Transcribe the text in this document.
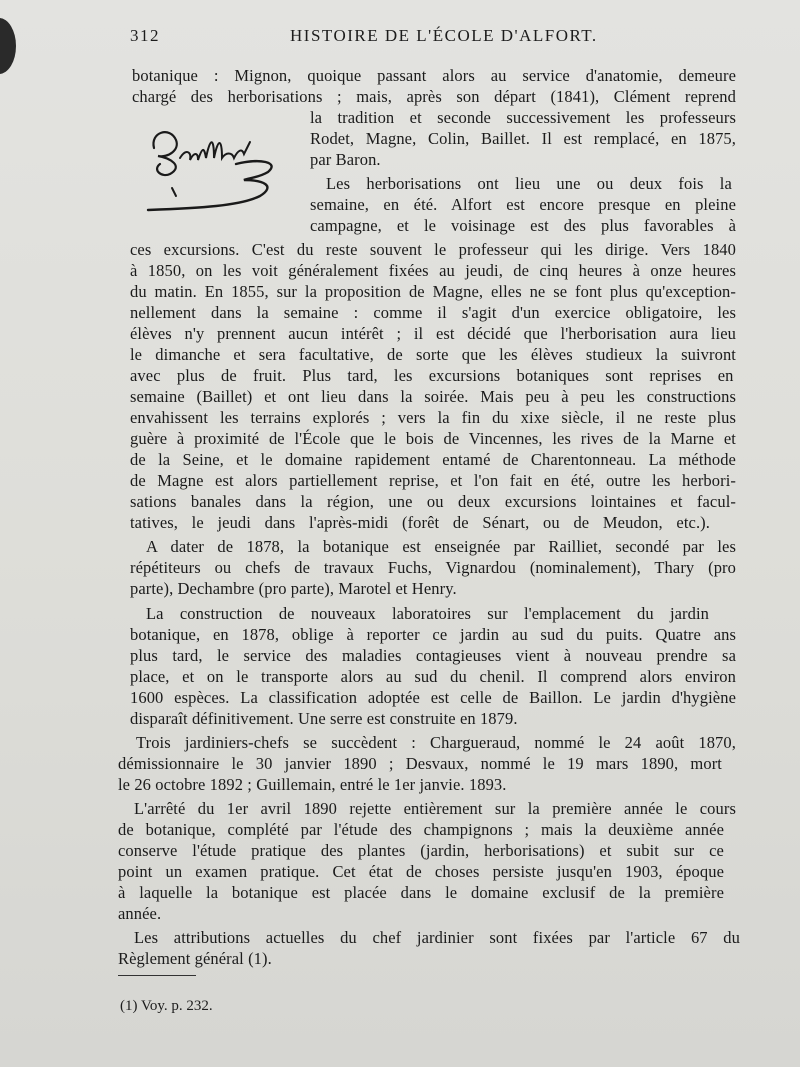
312	HISTOIRE DE L'ÉCOLE D'ALFORT.
botanique : Mignon, quoique passant alors au service d'anatomie, demeure
chargé des herborisations ; mais, après son départ (1841), Clément reprend
la tradition et seconde successivement les professeurs
Rodet, Magne, Colin, Baillet. Il est remplacé, en 1875,
par Baron.
Les herborisations ont lieu une ou deux fois la
semaine, en été. Alfort est encore presque en pleine
campagne, et le voisinage est des plus favorables à
ces excursions. C'est du reste souvent le professeur qui les dirige. Vers 1840
à 1850, on les voit généralement fixées au jeudi, de cinq heures à onze heures
du matin. En 1855, sur la proposition de Magne, elles ne se font plus qu'exception-
nellement dans la semaine : comme il s'agit d'un exercice obligatoire, les
élèves n'y prennent aucun intérêt ; il est décidé que l'herborisation aura lieu
le dimanche et sera facultative, de sorte que les élèves studieux la suivront
avec plus de fruit. Plus tard, les excursions botaniques sont reprises en
semaine (Baillet) et ont lieu dans la soirée. Mais peu à peu les constructions
envahissent les terrains explorés ; vers la fin du xixe siècle, il ne reste plus
guère à proximité de l'École que le bois de Vincennes, les rives de la Marne et
de la Seine, et le domaine rapidement entamé de Charentonneau. La méthode
de Magne est alors partiellement reprise, et l'on fait en été, outre les herbori-
sations banales dans la région, une ou deux excursions lointaines et facul-
tatives, le jeudi dans l'après-midi (forêt de Sénart, ou de Meudon, etc.).
A dater de 1878, la botanique est enseignée par Railliet, secondé par les
répétiteurs ou chefs de travaux Fuchs, Vignardou (nominalement), Thary (pro
parte), Dechambre (pro parte), Marotel et Henry.
La construction de nouveaux laboratoires sur l'emplacement du jardin
botanique, en 1878, oblige à reporter ce jardin au sud du puits. Quatre ans
plus tard, le service des maladies contagieuses vient à nouveau prendre sa
place, et on le transporte alors au sud du chenil. Il comprend alors environ
1600 espèces. La classification adoptée est celle de Baillon. Le jardin d'hygiène
disparaît définitivement. Une serre est construite en 1879.
Trois jardiniers-chefs se succèdent : Chargueraud, nommé le 24 août 1870,
démissionnaire le 30 janvier 1890 ; Desvaux, nommé le 19 mars 1890, mort
le 26 octobre 1892 ; Guillemain, entré le 1er janvie. 1893.
L'arrêté du 1er avril 1890 rejette entièrement sur la première année le cours
de botanique, complété par l'étude des champignons ; mais la deuxième année
conserve l'étude pratique des plantes (jardin, herborisations) et subit sur ce
point un examen pratique. Cet état de choses persiste jusqu'en 1903, époque
à laquelle la botanique est placée dans le domaine exclusif de la première
année.
Les attributions actuelles du chef jardinier sont fixées par l'article 67 du
Règlement général (1).
(1) Voy. p. 232.
